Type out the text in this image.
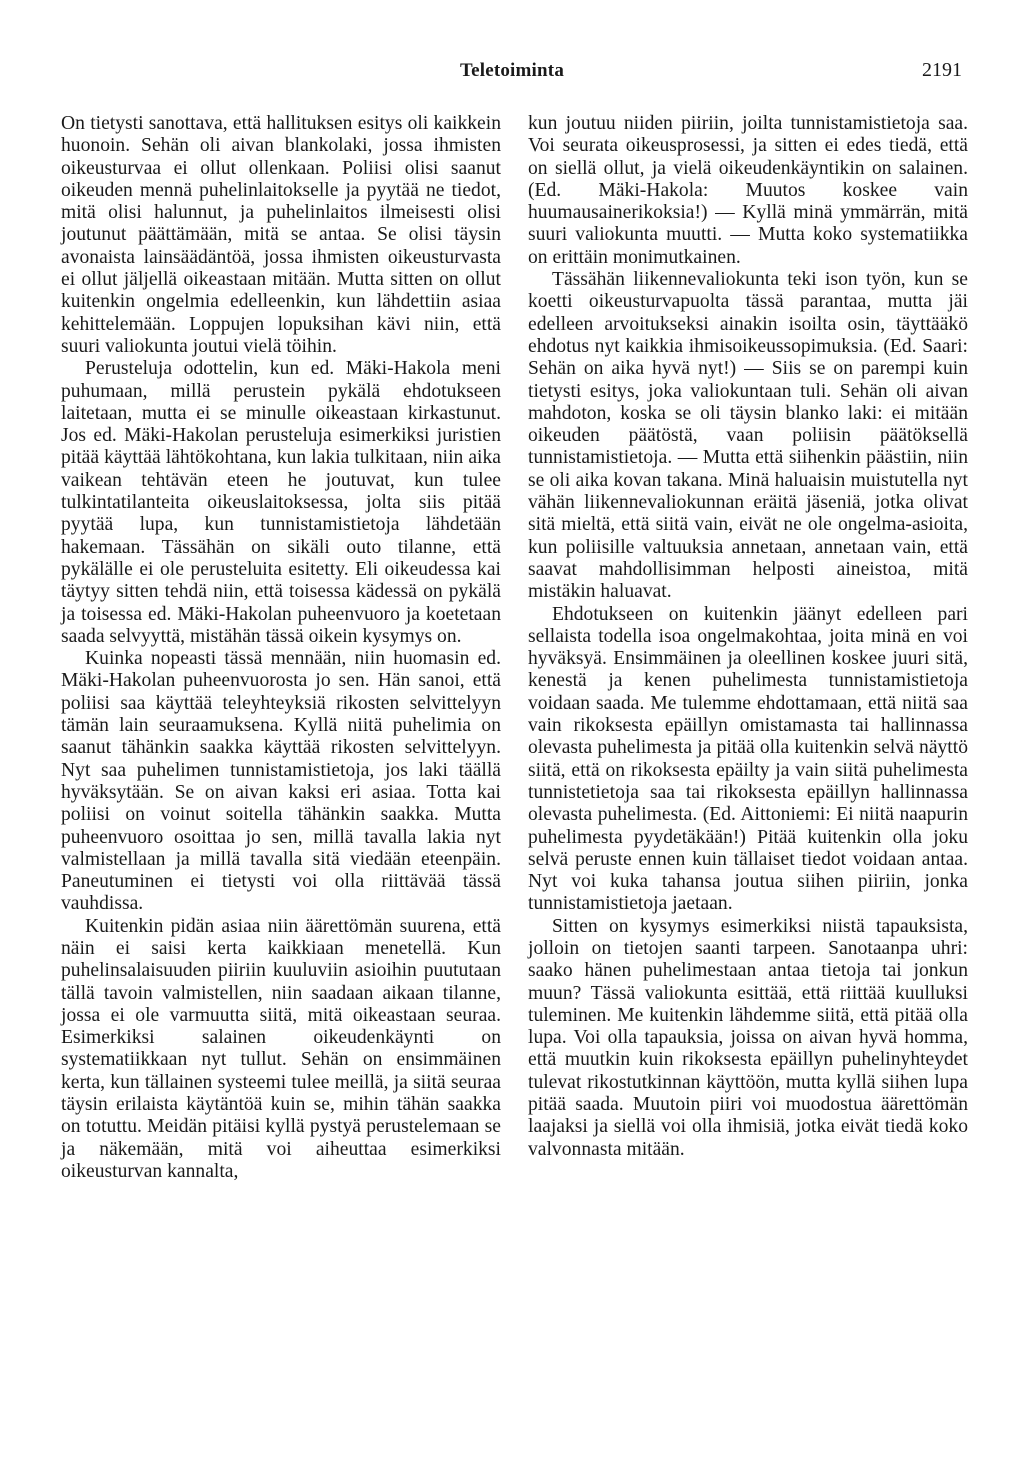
Teletoiminta	2191

On tietysti sanottava, että hallituksen esitys oli kaikkein huonoin. Sehän oli aivan blankolaki, jossa ihmisten oikeusturvaa ei ollut ollenkaan. Poliisi olisi saanut oikeuden mennä puhelinlaitokselle ja pyytää ne tiedot, mitä olisi halunnut, ja puhelinlaitos ilmeisesti olisi joutunut päättämään, mitä se antaa. Se olisi täysin avonaista lainsäädäntöä, jossa ihmisten oikeusturvasta ei ollut jäljellä oikeastaan mitään. Mutta sitten on ollut kuitenkin ongelmia edelleenkin, kun lähdettiin asiaa kehittelemään. Loppujen lopuksihan kävi niin, että suuri valiokunta joutui vielä töihin.

Perusteluja odottelin, kun ed. Mäki-Hakola meni puhumaan, millä perustein pykälä ehdotukseen laitetaan, mutta ei se minulle oikeastaan kirkastunut. Jos ed. Mäki-Hakolan perusteluja esimerkiksi juristien pitää käyttää lähtökohtana, kun lakia tulkitaan, niin aika vaikean tehtävän eteen he joutuvat, kun tulee tulkintatilanteita oikeuslaitoksessa, jolta siis pitää pyytää lupa, kun tunnistamistietoja lähdetään hakemaan. Tässähän on sikäli outo tilanne, että pykälälle ei ole perusteluita esitetty. Eli oikeudessa kai täytyy sitten tehdä niin, että toisessa kädessä on pykälä ja toisessa ed. Mäki-Hakolan puheenvuoro ja koetetaan saada selvyyttä, mistähän tässä oikein kysymys on.

Kuinka nopeasti tässä mennään, niin huomasin ed. Mäki-Hakolan puheenvuorosta jo sen. Hän sanoi, että poliisi saa käyttää teleyhteyksiä rikosten selvittelyyn tämän lain seuraamuksena. Kyllä niitä puhelimia on saanut tähänkin saakka käyttää rikosten selvittelyyn. Nyt saa puhelimen tunnistamistietoja, jos laki täällä hyväksytään. Se on aivan kaksi eri asiaa. Totta kai poliisi on voinut soitella tähänkin saakka. Mutta puheenvuoro osoittaa jo sen, millä tavalla lakia nyt valmistellaan ja millä tavalla sitä viedään eteenpäin. Paneutuminen ei tietysti voi olla riittävää tässä vauhdissa.

Kuitenkin pidän asiaa niin äärettömän suurena, että näin ei saisi kerta kaikkiaan menetellä. Kun puhelinsalaisuuden piiriin kuuluviin asioihin puututaan tällä tavoin valmistellen, niin saadaan aikaan tilanne, jossa ei ole varmuutta siitä, mitä oikeastaan seuraa. Esimerkiksi salainen oikeudenkäynti on systematiikkaan nyt tullut. Sehän on ensimmäinen kerta, kun tällainen systeemi tulee meillä, ja siitä seuraa täysin erilaista käytäntöä kuin se, mihin tähän saakka on totuttu. Meidän pitäisi kyllä pystyä perustelemaan se ja näkemään, mitä voi aiheuttaa esimerkiksi oikeusturvan kannalta,

kun joutuu niiden piiriin, joilta tunnistamistietoja saa. Voi seurata oikeusprosessi, ja sitten ei edes tiedä, että on siellä ollut, ja vielä oikeudenkäyntikin on salainen. (Ed. Mäki-Hakola: Muutos koskee vain huumausainerikoksia!) — Kyllä minä ymmärrän, mitä suuri valiokunta muutti. — Mutta koko systematiikka on erittäin monimutkainen.

Tässähän liikennevaliokunta teki ison työn, kun se koetti oikeusturvapuolta tässä parantaa, mutta jäi edelleen arvoitukseksi ainakin isoilta osin, täyttääkö ehdotus nyt kaikkia ihmisoikeussopimuksia. (Ed. Saari: Sehän on aika hyvä nyt!) — Siis se on parempi kuin tietysti esitys, joka valiokuntaan tuli. Sehän oli aivan mahdoton, koska se oli täysin blanko laki: ei mitään oikeuden päätöstä, vaan poliisin päätöksellä tunnistamistietoja. — Mutta että siihenkin päästiin, niin se oli aika kovan takana. Minä haluaisin muistutella nyt vähän liikennevaliokunnan eräitä jäseniä, jotka olivat sitä mieltä, että siitä vain, eivät ne ole ongelma-asioita, kun poliisille valtuuksia annetaan, annetaan vain, että saavat mahdollisimman helposti aineistoa, mitä mistäkin haluavat.

Ehdotukseen on kuitenkin jäänyt edelleen pari sellaista todella isoa ongelmakohtaa, joita minä en voi hyväksyä. Ensimmäinen ja oleellinen koskee juuri sitä, kenestä ja kenen puhelimesta tunnistamistietoja voidaan saada. Me tulemme ehdottamaan, että niitä saa vain rikoksesta epäillyn omistamasta tai hallinnassa olevasta puhelimesta ja pitää olla kuitenkin selvä näyttö siitä, että on rikoksesta epäilty ja vain siitä puhelimesta tunnistetietoja saa tai rikoksesta epäillyn hallinnassa olevasta puhelimesta. (Ed. Aittoniemi: Ei niitä naapurin puhelimesta pyydetäkään!) Pitää kuitenkin olla joku selvä peruste ennen kuin tällaiset tiedot voidaan antaa. Nyt voi kuka tahansa joutua siihen piiriin, jonka tunnistamistietoja jaetaan.

Sitten on kysymys esimerkiksi niistä tapauksista, jolloin on tietojen saanti tarpeen. Sanotaanpa uhri: saako hänen puhelimestaan antaa tietoja tai jonkun muun? Tässä valiokunta esittää, että riittää kuulluksi tuleminen. Me kuitenkin lähdemme siitä, että pitää olla lupa. Voi olla tapauksia, joissa on aivan hyvä homma, että muutkin kuin rikoksesta epäillyn puhelinyhteydet tulevat rikostutkinnan käyttöön, mutta kyllä siihen lupa pitää saada. Muutoin piiri voi muodostua äärettömän laajaksi ja siellä voi olla ihmisiä, jotka eivät tiedä koko valvonnasta mitään.
